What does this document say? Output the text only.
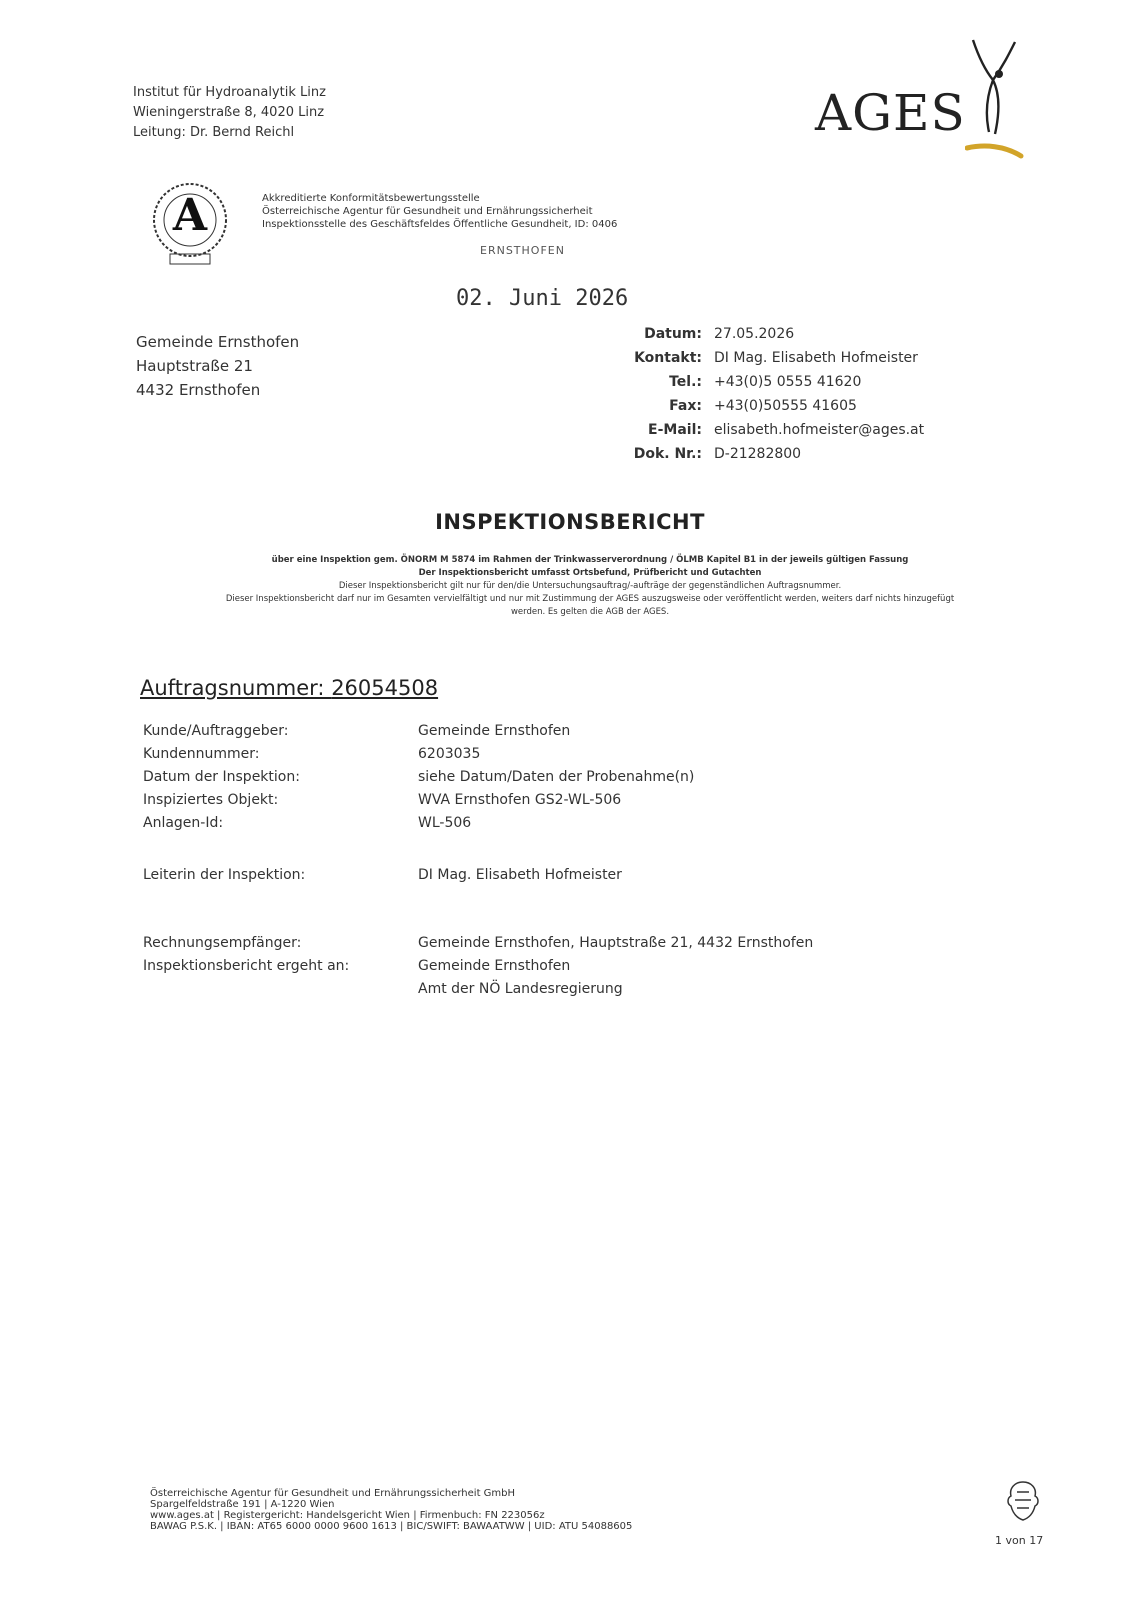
Institut für Hydroanalytik Linz
Wieningerstraße 8, 4020 Linz
Leitung: Dr. Bernd Reichl	AGES
A	Akkreditierte Konformitätsbewertungsstelle
Österreichische Agentur für Gesundheit und Ernährungssicherheit
Inspektionsstelle des Geschäftsfeldes Öffentliche Gesundheit, ID: 0406
ERNSTHOFEN
02. Juni 2026
Gemeinde Ernsthofen
Hauptstraße 21
4432 Ernsthofen
Datum: 27.05.2026
Kontakt: DI Mag. Elisabeth Hofmeister
Tel.: +43(0)5 0555 41620
Fax: +43(0)50555 41605
E-Mail: elisabeth.hofmeister@ages.at
Dok. Nr.: D-21282800
INSPEKTIONSBERICHT
über eine Inspektion gem. ÖNORM M 5874 im Rahmen der Trinkwasserverordnung / ÖLMB Kapitel B1 in der jeweils gültigen Fassung
Der Inspektionsbericht umfasst Ortsbefund, Prüfbericht und Gutachten
Dieser Inspektionsbericht gilt nur für den/die Untersuchungsauftrag/-aufträge der gegenständlichen Auftragsnummer.
Dieser Inspektionsbericht darf nur im Gesamten vervielfältigt und nur mit Zustimmung der AGES auszugsweise oder veröffentlicht werden, weiters darf nichts hinzugefügt
werden. Es gelten die AGB der AGES.
Auftragsnummer: 26054508
Kunde/Auftraggeber:	Gemeinde Ernsthofen
Kundennummer:	6203035
Datum der Inspektion:	siehe Datum/Daten der Probenahme(n)
Inspiziertes Objekt:	WVA Ernsthofen GS2-WL-506
Anlagen-Id:	WL-506
Leiterin der Inspektion:	DI Mag. Elisabeth Hofmeister
Rechnungsempfänger:	Gemeinde Ernsthofen, Hauptstraße 21, 4432 Ernsthofen
Inspektionsbericht ergeht an:	Gemeinde Ernsthofen
Amt der NÖ Landesregierung
Österreichische Agentur für Gesundheit und Ernährungssicherheit GmbH
Spargelfeldstraße 191 | A-1220 Wien
www.ages.at | Registergericht: Handelsgericht Wien | Firmenbuch: FN 223056z
BAWAG P.S.K. | IBAN: AT65 6000 0000 9600 1613 | BIC/SWIFT: BAWAATWW | UID: ATU 54088605
1 von 17
